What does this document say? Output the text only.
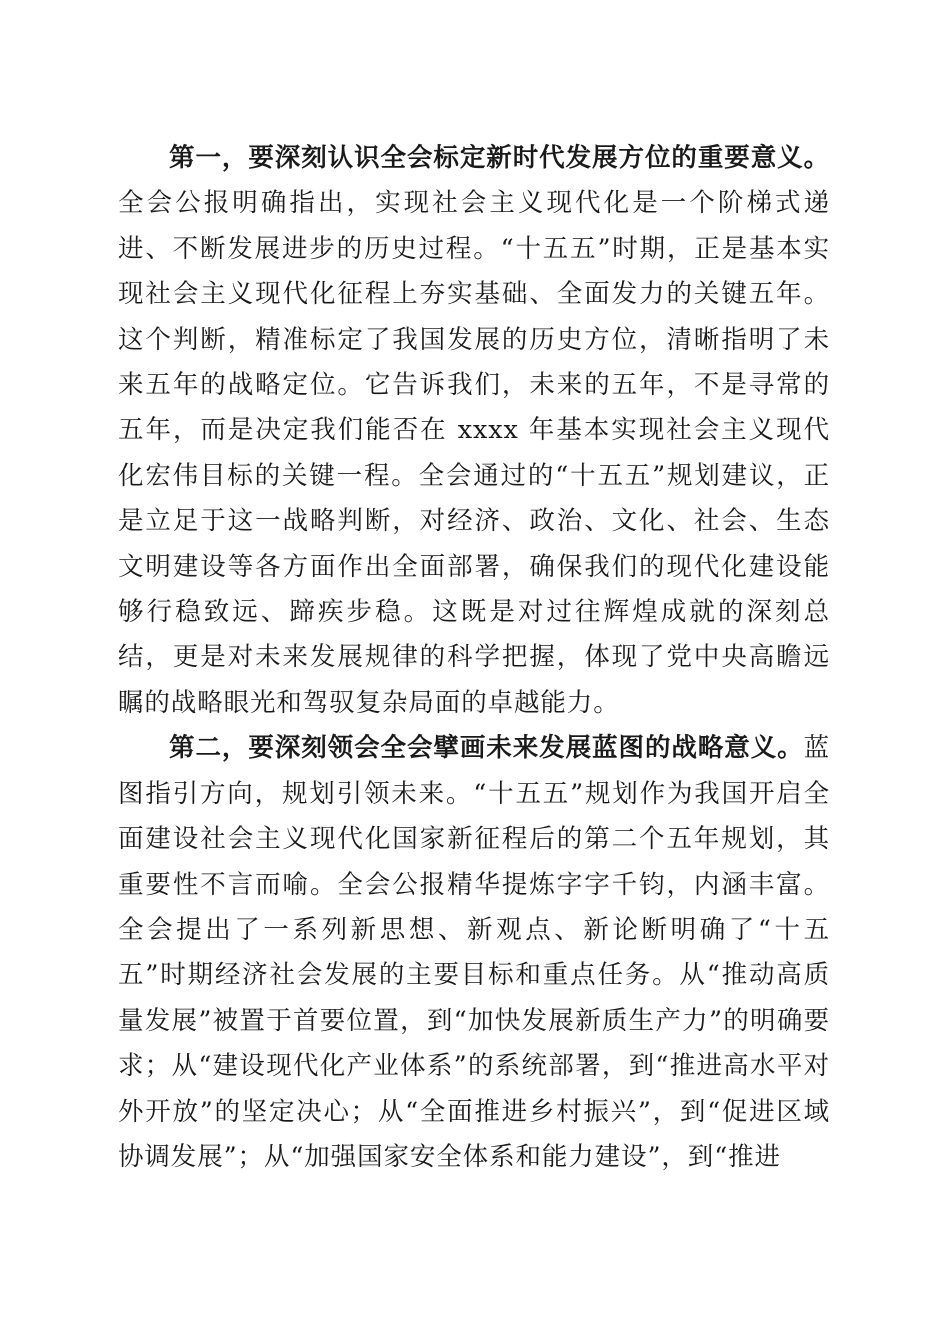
第一，要深刻认识全会标定新时代发展方位的重要意义。全会公报明确指出，实现社会主义现代化是一个阶梯式递进、不断发展进步的历史过程。“十五五”时期，正是基本实现社会主义现代化征程上夯实基础、全面发力的关键五年。这个判断，精准标定了我国发展的历史方位，清晰指明了未来五年的战略定位。它告诉我们，未来的五年，不是寻常的五年，而是决定我们能否在 xxxx 年基本实现社会主义现代化宏伟目标的关键一程。全会通过的“十五五”规划建议，正是立足于这一战略判断，对经济、政治、文化、社会、生态文明建设等各方面作出全面部署，确保我们的现代化建设能够行稳致远、蹄疾步稳。这既是对过往辉煌成就的深刻总结，更是对未来发展规律的科学把握，体现了党中央高瞻远瞩的战略眼光和驾驭复杂局面的卓越能力。

第二，要深刻领会全会擘画未来发展蓝图的战略意义。蓝图指引方向，规划引领未来。“十五五”规划作为我国开启全面建设社会主义现代化国家新征程后的第二个五年规划，其重要性不言而喻。全会公报精华提炼字字千钧，内涵丰富。全会提出了一系列新思想、新观点、新论断明确了“十五五”时期经济社会发展的主要目标和重点任务。从“推动高质量发展”被置于首要位置，到“加快发展新质生产力”的明确要求；从“建设现代化产业体系”的系统部署，到“推进高水平对外开放”的坚定决心；从“全面推进乡村振兴”，到“促进区域协调发展”；从“加强国家安全体系和能力建设”，到“推进
